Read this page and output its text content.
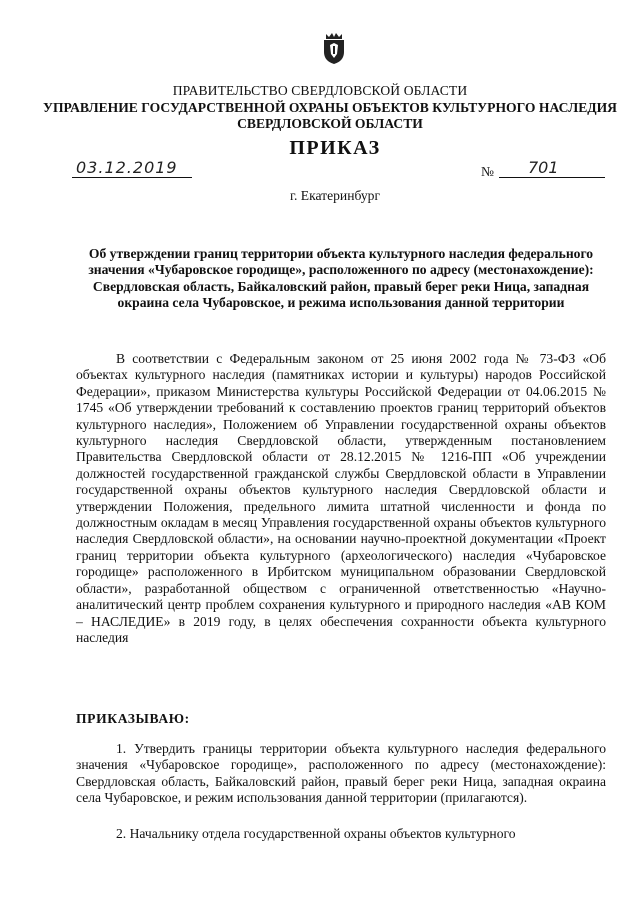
ПРАВИТЕЛЬСТВО СВЕРДЛОВСКОЙ ОБЛАСТИ
УПРАВЛЕНИЕ ГОСУДАРСТВЕННОЙ ОХРАНЫ ОБЪЕКТОВ КУЛЬТУРНОГО НАСЛЕДИЯ СВЕРДЛОВСКОЙ ОБЛАСТИ
ПРИКАЗ
03.12.2019	№ 701
г. Екатеринбург
Об утверждении границ территории объекта культурного наследия федерального значения «Чубаровское городище», расположенного по адресу (местонахождение): Свердловская область, Байкаловский район, правый берег реки Ница, западная окраина села Чубаровское, и режима использования данной территории

В соответствии с Федеральным законом от 25 июня 2002 года № 73-ФЗ «Об объектах культурного наследия (памятниках истории и культуры) народов Российской Федерации», приказом Министерства культуры Российской Федерации от 04.06.2015 № 1745 «Об утверждении требований к составлению проектов границ территорий объектов культурного наследия», Положением об Управлении государственной охраны объектов культурного наследия Свердловской области, утвержденным постановлением Правительства Свердловской области от 28.12.2015 № 1216-ПП «Об учреждении должностей государственной гражданской службы Свердловской области в Управлении государственной охраны объектов культурного наследия Свердловской области и утверждении Положения, предельного лимита штатной численности и фонда по должностным окладам в месяц Управления государственной охраны объектов культурного наследия Свердловской области», на основании научно-проектной документации «Проект границ территории объекта культурного (археологического) наследия «Чубаровское городище» расположенного в Ирбитском муниципальном образовании Свердловской области», разработанной обществом с ограниченной ответственностью «Научно-аналитический центр проблем сохранения культурного и природного наследия «АВ КОМ – НАСЛЕДИЕ» в 2019 году, в целях обеспечения сохранности объекта культурного наследия

ПРИКАЗЫВАЮ:

1. Утвердить границы территории объекта культурного наследия федерального значения «Чубаровское городище», расположенного по адресу (местонахождение): Свердловская область, Байкаловский район, правый берег реки Ница, западная окраина села Чубаровское, и режим использования данной территории (прилагаются).

2. Начальнику отдела государственной охраны объектов культурного
